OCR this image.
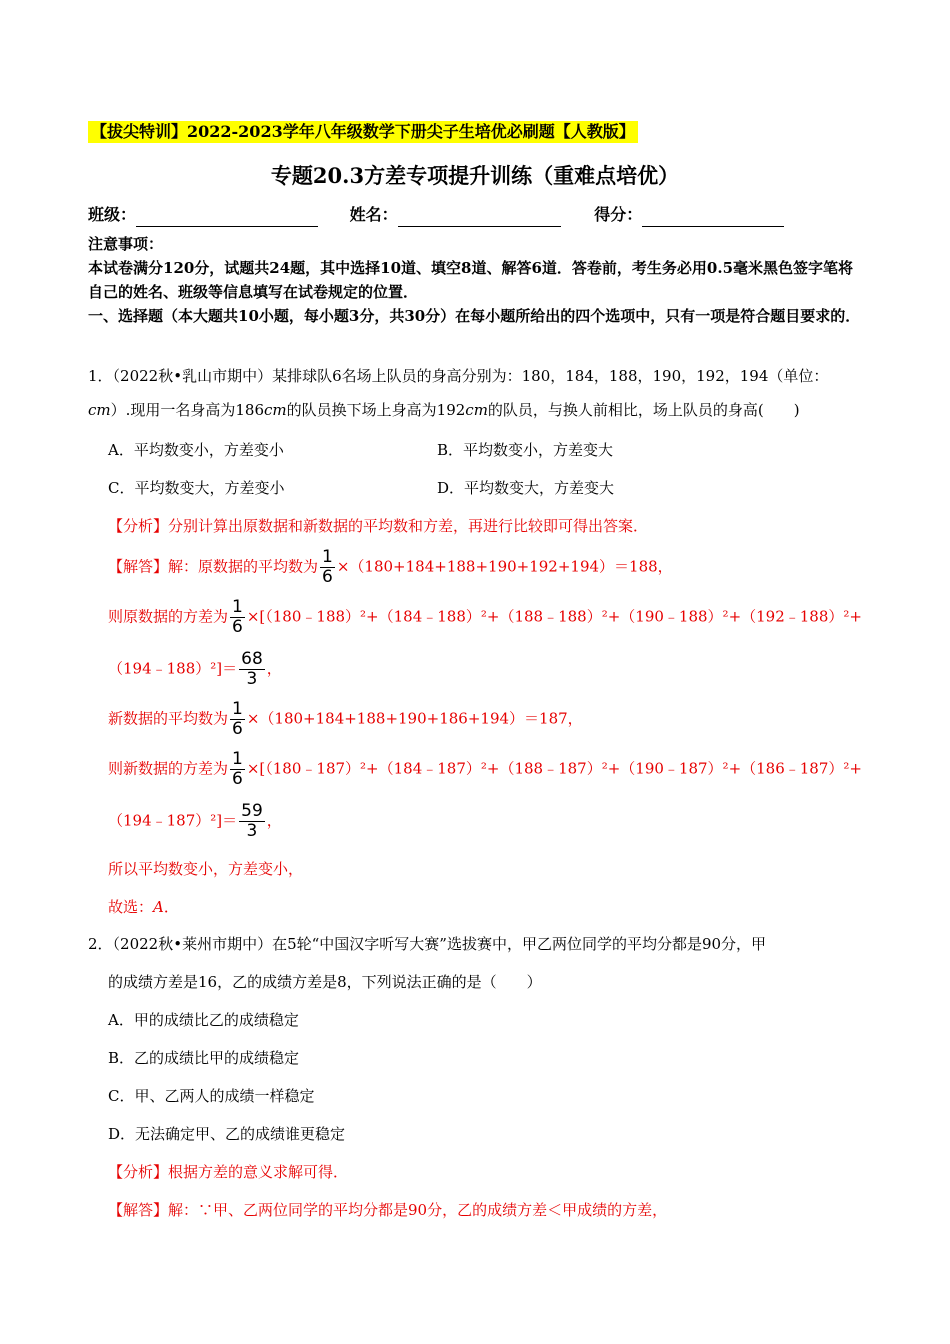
【拔尖特训】2022-2023学年八年级数学下册尖子生培优必刷题【人教版】
专题20.3方差专项提升训练（重难点培优）
班级：	姓名：	得分：
注意事项：
本试卷满分120分，试题共24题，其中选择10道、填空8道、解答6道．答卷前，考生务必用0.5毫米黑色签字笔将自己的姓名、班级等信息填写在试卷规定的位置．
一、选择题（本大题共10小题，每小题3分，共30分）在每小题所给出的四个选项中，只有一项是符合题目要求的．
1．（2022秋•乳山市期中）某排球队6名场上队员的身高分别为：180，184，188，190，192，194（单位：
cm）.现用一名身高为186cm的队员换下场上身高为192cm的队员，与换人前相比，场上队员的身高(　　)
A．平均数变小，方差变小	B．平均数变小，方差变大
C．平均数变大，方差变小	D．平均数变大，方差变大
【分析】分别计算出原数据和新数据的平均数和方差，再进行比较即可得出答案．
【解答】解：原数据的平均数为 $\frac{1}{6} \times(180+184+188+190+192+194)=188$，
则原数据的方差为 $\frac{1}{6}$ ×[（180﹣188）²+（184﹣188）²+（188﹣188）²+（190﹣188）²+（192﹣188）²+
（194﹣188）²]＝ $\frac{68}{3}$ ，
新数据的平均数为 $\frac{1}{6} \times(180+184+188+190+186+194)=187$，
则新数据的方差为 $\frac{1}{6}$ ×[（180﹣187）²+（184﹣187）²+（188﹣187）²+（190﹣187）²+（186﹣187）²+
（194﹣187）²]＝ $\frac{59}{3}$ ，
所以平均数变小，方差变小，
故选：A．
2．（2022秋•莱州市期中）在5轮“中国汉字听写大赛”选拔赛中，甲乙两位同学的平均分都是90分，甲
的成绩方差是16，乙的成绩方差是8，下列说法正确的是（　　）
A．甲的成绩比乙的成绩稳定
B．乙的成绩比甲的成绩稳定
C．甲、乙两人的成绩一样稳定
D．无法确定甲、乙的成绩谁更稳定
【分析】根据方差的意义求解可得．
【解答】解：∵甲、乙两位同学的平均分都是90分，乙的成绩方差＜甲成绩的方差，
